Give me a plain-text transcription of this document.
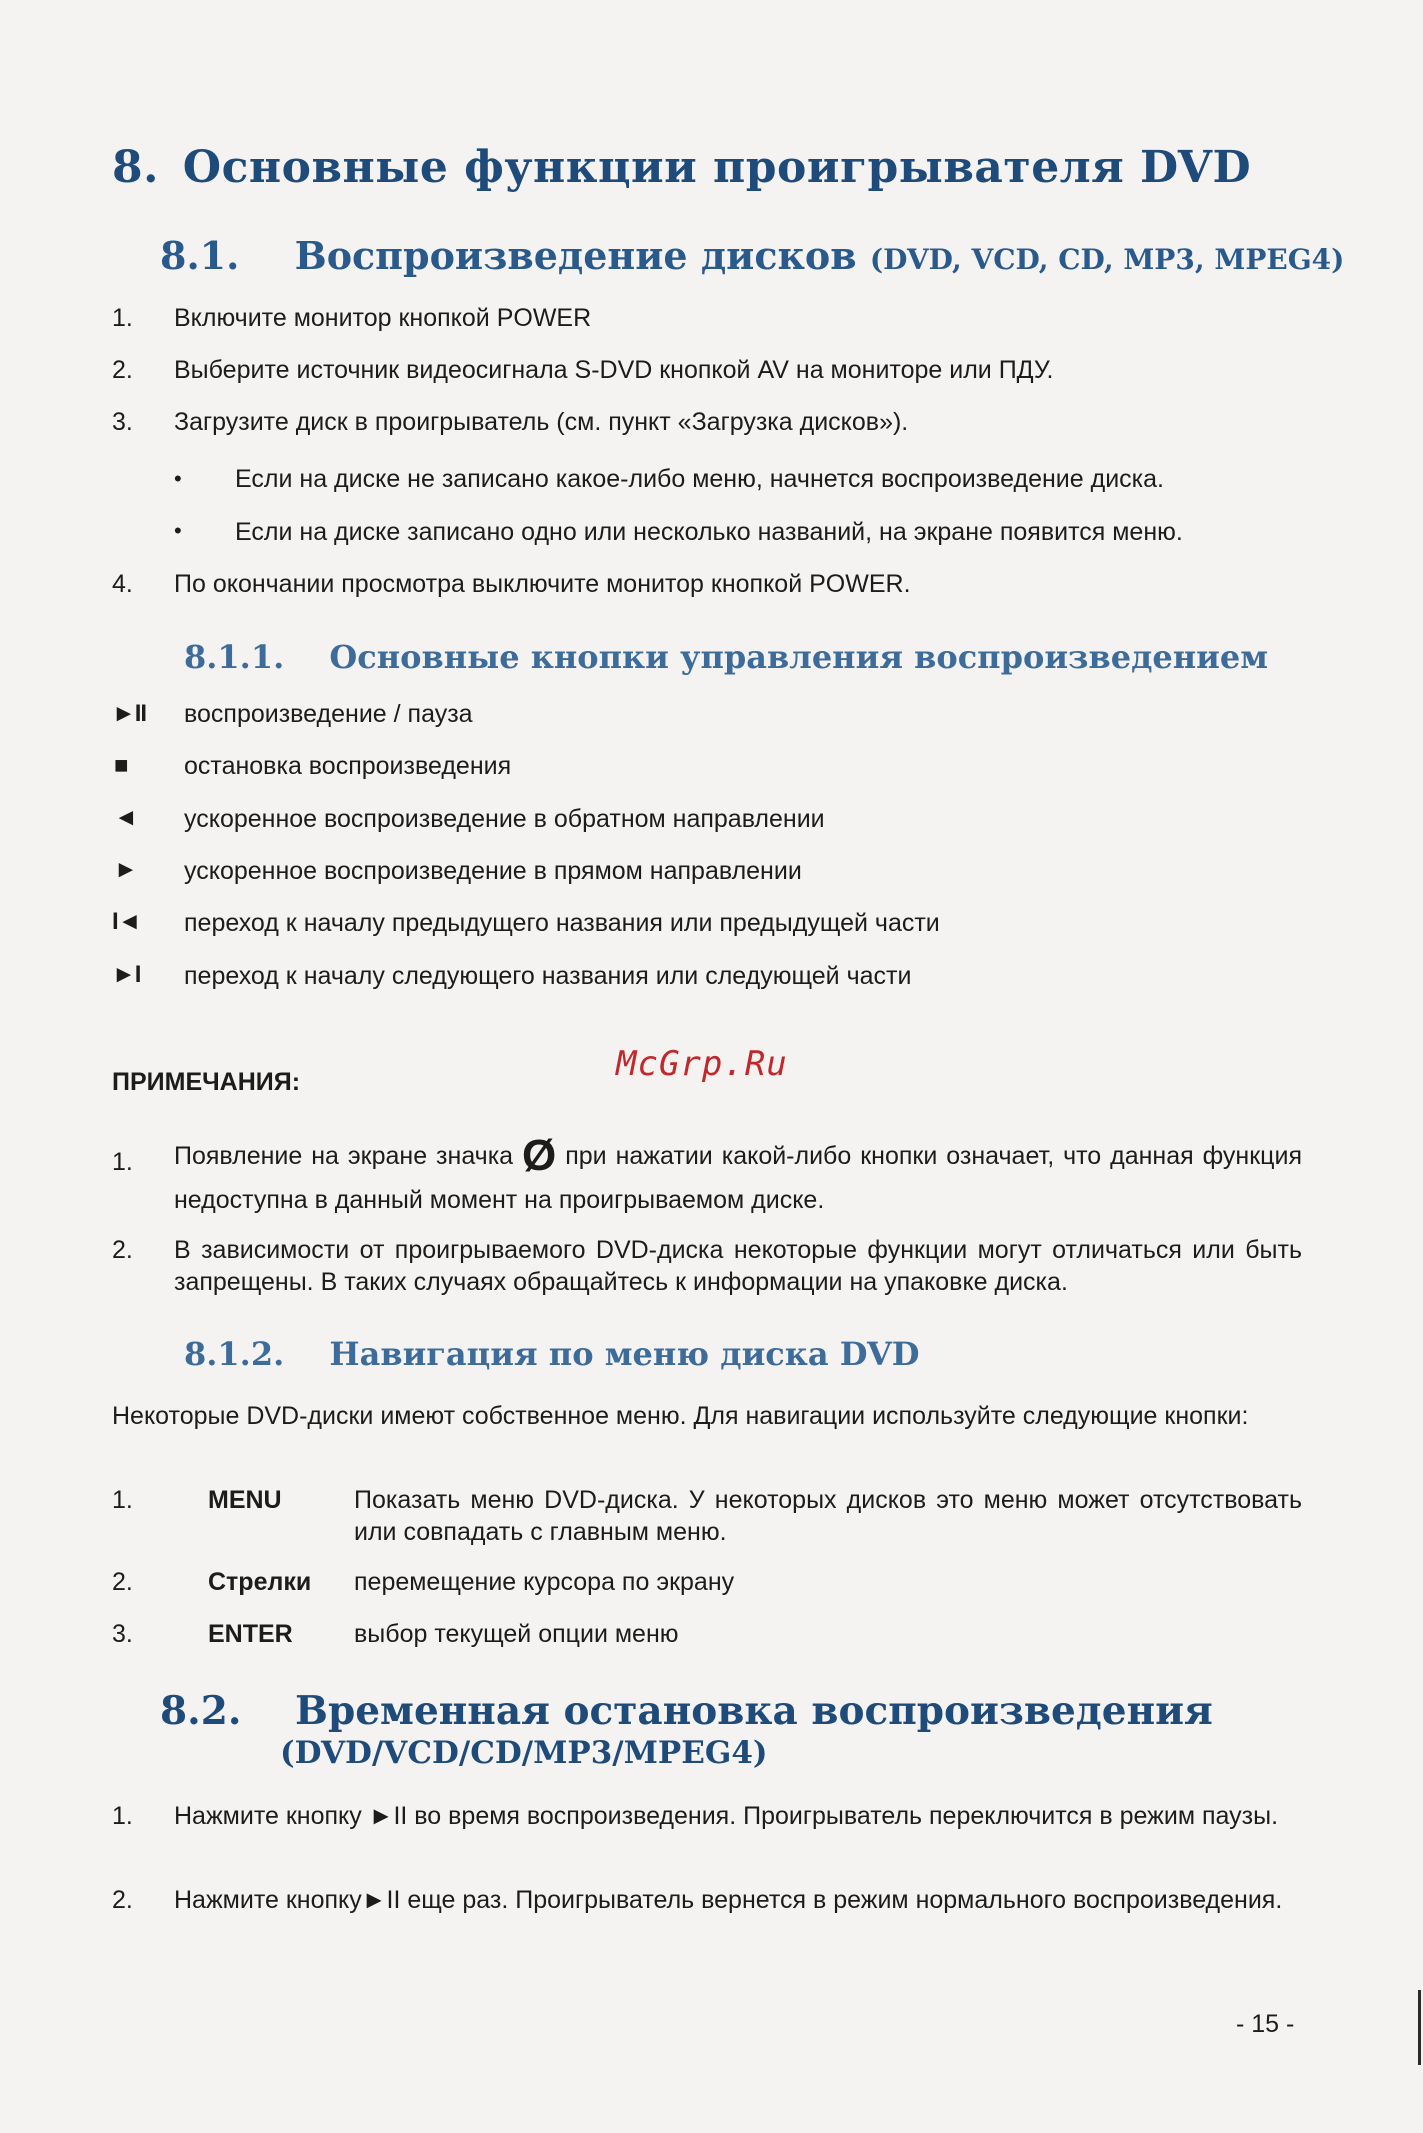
8. Основные функции проигрывателя DVD
8.1. Воспроизведение дисков (DVD, VCD, CD, MP3, MPEG4)
1. Включите монитор кнопкой POWER
2. Выберите источник видеосигнала S-DVD кнопкой AV на мониторе или ПДУ.
3. Загрузите диск в проигрыватель (см. пункт «Загрузка дисков»).
• Если на диске не записано какое-либо меню, начнется воспроизведение диска.
• Если на диске записано одно или несколько названий, на экране появится меню.
4. По окончании просмотра выключите монитор кнопкой POWER.
8.1.1. Основные кнопки управления воспроизведением
►II воспроизведение / пауза
■ остановка воспроизведения
◄ ускоренное воспроизведение в обратном направлении
► ускоренное воспроизведение в прямом направлении
I◄ переход к началу предыдущего названия или предыдущей части
►I переход к началу следующего названия или следующей части
McGrp.Ru
ПРИМЕЧАНИЯ:
1. Появление на экране значка Ø при нажатии какой-либо кнопки означает, что данная функция недоступна в данный момент на проигрываемом диске.
2. В зависимости от проигрываемого DVD-диска некоторые функции могут отличаться или быть запрещены. В таких случаях обращайтесь к информации на упаковке диска.
8.1.2. Навигация по меню диска DVD
Некоторые DVD-диски имеют собственное меню. Для навигации используйте следующие кнопки:
1.	MENU	Показать меню DVD-диска. У некоторых дисков это меню может отсутствовать или совпадать с главным меню.
2.	Стрелки перемещение курсора по экрану
3.	ENTER выбор текущей опции меню
8.2. Временная остановка воспроизведения
(DVD/VCD/CD/MP3/MPEG4)
1. Нажмите кнопку ►II во время воспроизведения. Проигрыватель переключится в режим паузы.
2. Нажмите кнопку►II еще раз. Проигрыватель вернется в режим нормального воспроизведения.
- 15 -
